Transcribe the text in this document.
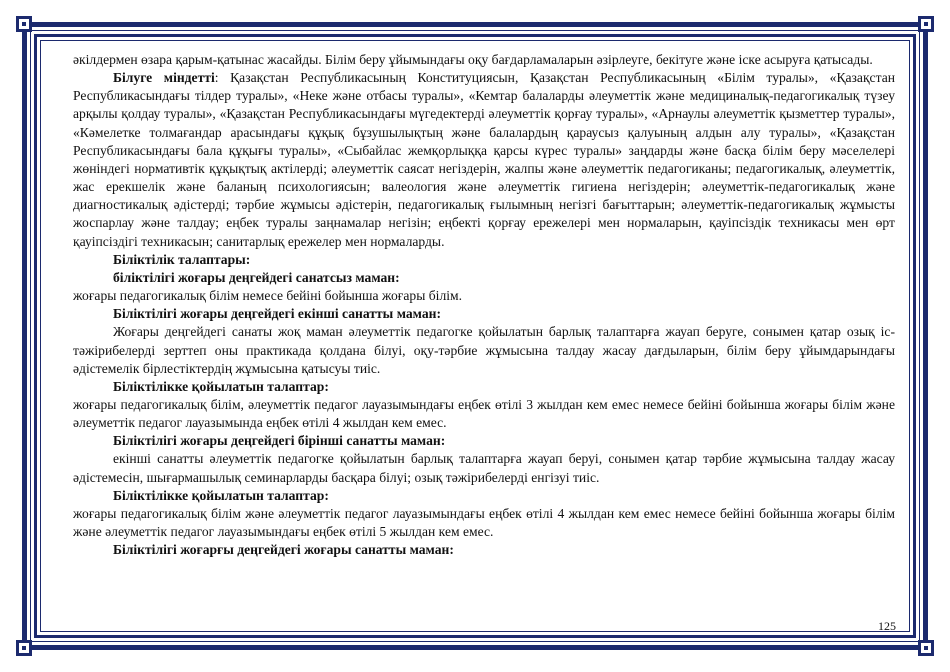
әкілдермен өзара қарым-қатынас жасайды. Білім беру ұйымындағы оқу бағдарламаларын әзірлеуге, бекітуге және іске асыруға қатысады.

Білуге міндетті: Қазақстан Республикасының Конституциясын, Қазақстан Республикасының «Білім туралы», «Қазақстан Республикасындағы тілдер туралы», «Неке және отбасы туралы», «Кемтар балаларды әлеуметтік және медициналық-педагогикалық түзеу арқылы қолдау туралы», «Қазақстан Республикасындағы мүгедектерді әлеуметтік қорғау туралы», «Арнаулы әлеуметтік қызметтер туралы», «Кәмелетке толмағандар арасындағы құқық бұзушылықтың және балалардың қараусыз қалуының алдын алу туралы», «Қазақстан Республикасындағы бала құқығы туралы», «Сыбайлас жемқорлыққа қарсы күрес туралы» заңдарды және басқа білім беру мәселелері жөніндегі нормативтік құқықтық актілерді; әлеуметтік саясат негіздерін, жалпы және әлеуметтік педагогиканы; педагогикалық, әлеуметтік, жас ерекшелік және баланың психологиясын; валеология және әлеуметтік гигиена негіздерін; әлеуметтік-педагогикалық және диагностикалық әдістерді; тәрбие жұмысы әдістерін, педагогикалық ғылымның негізгі бағыттарын; әлеуметтік-педагогикалық жұмысты жоспарлау және талдау; еңбек туралы заңнамалар негізін; еңбекті қорғау ережелері мен нормаларын, қауіпсіздік техникасы мен өрт қауіпсіздігі техникасын; санитарлық ережелер мен нормаларды.

Біліктілік талаптары:

біліктілігі жоғары деңгейдегі санатсыз маман:

жоғары педагогикалық білім немесе бейіні бойынша жоғары білім.

Біліктілігі жоғары деңгейдегі екінші санатты маман:

Жоғары деңгейдегі санаты жоқ маман әлеуметтік педагогке қойылатын барлық талаптарға жауап беруге, сонымен қатар озық іс-тәжірибелерді зерттеп оны практикада қолдана білуі, оқу-тәрбие жұмысына талдау жасау дағдыларын, білім беру ұйымдарындағы әдістемелік бірлестіктердің жұмысына қатысуы тиіс.

Біліктілікке қойылатын талаптар:

жоғары педагогикалық білім, әлеуметтік педагог лауазымындағы еңбек өтілі 3 жылдан кем емес немесе бейіні бойынша жоғары білім және әлеуметтік педагог лауазымында еңбек өтілі 4 жылдан кем емес.

Біліктілігі жоғары деңгейдегі бірінші санатты маман:

екінші санатты әлеуметтік педагогке қойылатын барлық талаптарға жауап беруі, сонымен қатар тәрбие жұмысына талдау жасау әдістемесін, шығармашылық семинарларды басқара білуі; озық тәжірибелерді енгізуі тиіс.

Біліктілікке қойылатын талаптар:

жоғары педагогикалық білім және әлеуметтік педагог лауазымындағы еңбек өтілі 4 жылдан кем емес немесе бейіні бойынша жоғары білім және әлеуметтік педагог лауазымындағы еңбек өтілі 5 жылдан кем емес.

Біліктілігі жоғарғы деңгейдегі жоғары санатты маман:

125
